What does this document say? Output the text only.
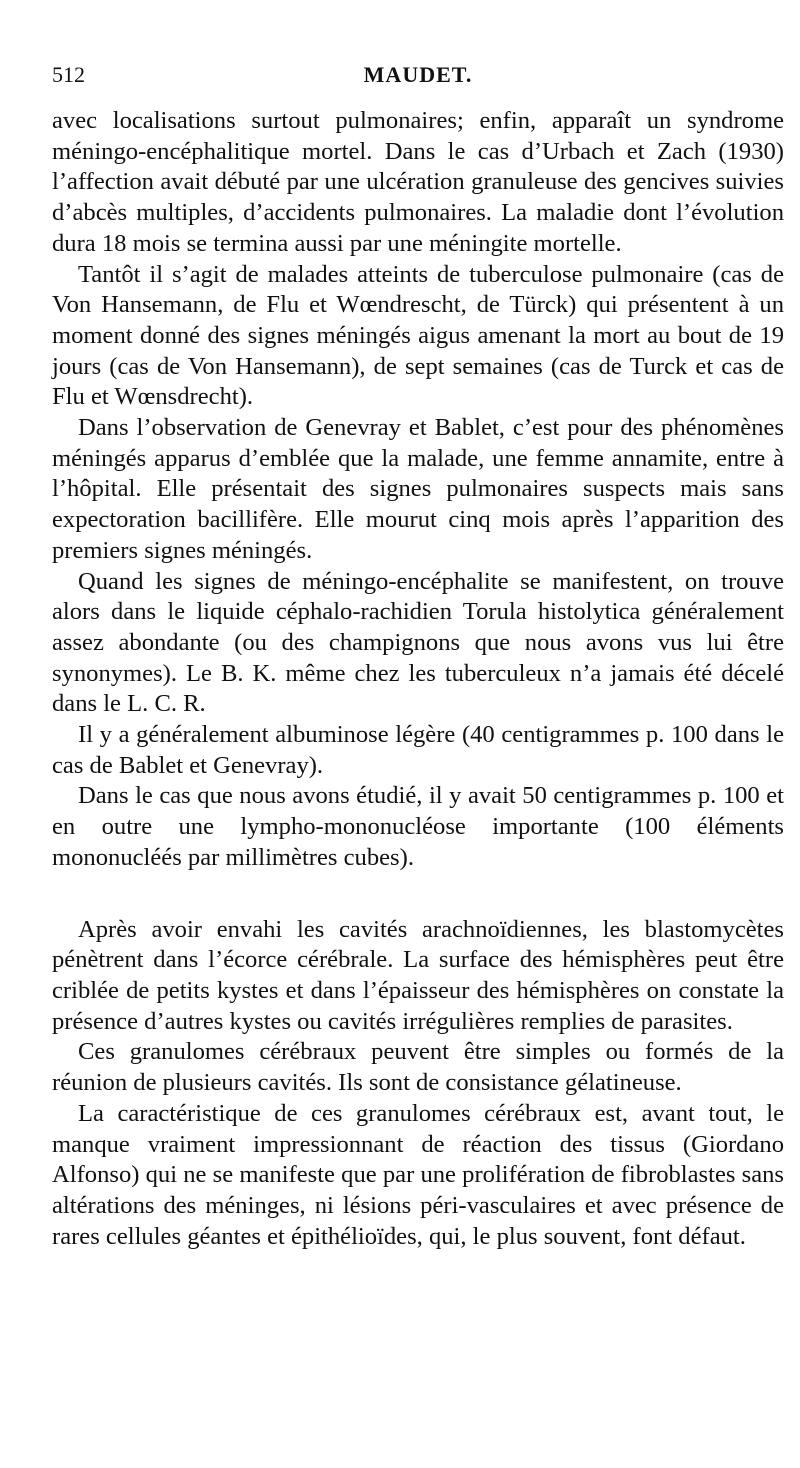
512	MAUDET.

avec localisations surtout pulmonaires; enfin, apparaît un syndrome méningo-encéphalitique mortel. Dans le cas d’Urbach et Zach (1930) l’affection avait débuté par une ulcération granuleuse des gencives suivies d’abcès multiples, d’accidents pulmonaires. La maladie dont l’évolution dura 18 mois se termina aussi par une méningite mortelle.

Tantôt il s’agit de malades atteints de tuberculose pulmonaire (cas de Von Hansemann, de Flu et Wœndrescht, de Türck) qui présentent à un moment donné des signes méningés aigus amenant la mort au bout de 19 jours (cas de Von Hansemann), de sept semaines (cas de Turck et cas de Flu et Wœnsdrecht).

Dans l’observation de Genevray et Bablet, c’est pour des phénomènes méningés apparus d’emblée que la malade, une femme annamite, entre à l’hôpital. Elle présentait des signes pulmonaires suspects mais sans expectoration bacillifère. Elle mourut cinq mois après l’apparition des premiers signes méningés.

Quand les signes de méningo-encéphalite se manifestent, on trouve alors dans le liquide céphalo-rachidien Torula histolytica généralement assez abondante (ou des champignons que nous avons vus lui être synonymes). Le B. K. même chez les tuberculeux n’a jamais été décelé dans le L. C. R.

Il y a généralement albuminose légère (40 centigrammes p. 100 dans le cas de Bablet et Genevray).

Dans le cas que nous avons étudié, il y avait 50 centigrammes p. 100 et en outre une lympho-mononucléose importante (100 éléments mononucléés par millimètres cubes).

Après avoir envahi les cavités arachnoïdiennes, les blastomycètes pénètrent dans l’écorce cérébrale. La surface des hémisphères peut être criblée de petits kystes et dans l’épaisseur des hémisphères on constate la présence d’autres kystes ou cavités irrégulières remplies de parasites.

Ces granulomes cérébraux peuvent être simples ou formés de la réunion de plusieurs cavités. Ils sont de consistance gélatineuse.

La caractéristique de ces granulomes cérébraux est, avant tout, le manque vraiment impressionnant de réaction des tissus (Giordano Alfonso) qui ne se manifeste que par une prolifération de fibroblastes sans altérations des méninges, ni lésions péri-vasculaires et avec présence de rares cellules géantes et épithélioïdes, qui, le plus souvent, font défaut.
